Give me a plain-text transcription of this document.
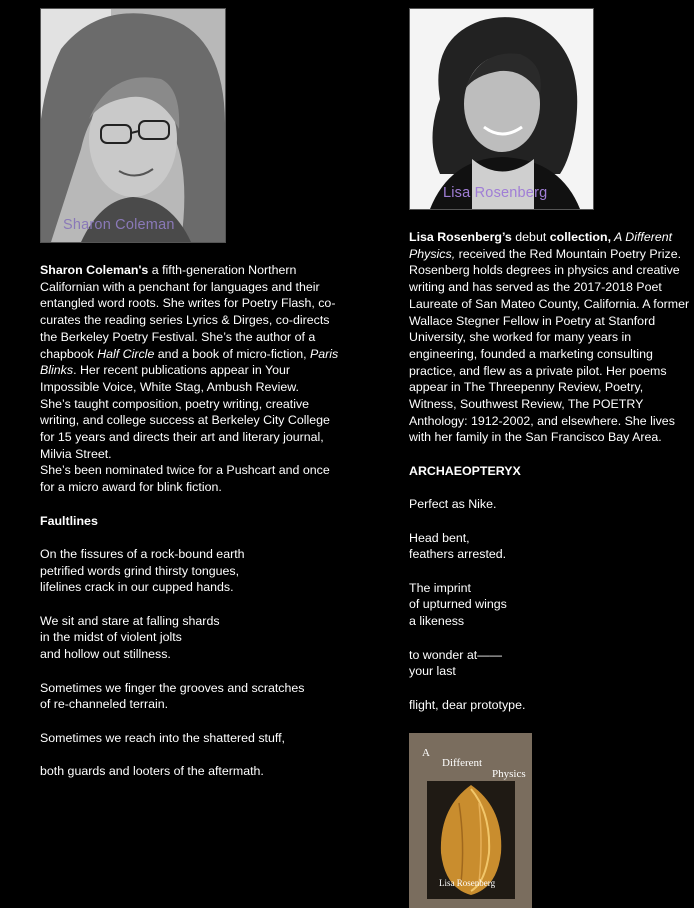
Sharon Coleman

Sharon Coleman's a fifth-generation Northern Californian with a penchant for languages and their entangled word roots. She writes for Poetry Flash, co-curates the reading series Lyrics & Dirges, co-directs the Berkeley Poetry Festival. She’s the author of a chapbook Half Circle and a book of micro-fiction, Paris Blinks. Her recent publications appear in Your Impossible Voice, White Stag, Ambush Review.

She’s taught composition, poetry writing, creative writing, and college success at Berkeley City College for 15 years and directs their art and literary journal, Milvia Street.

She’s been nominated twice for a Pushcart and once for a micro award for blink fiction.

Faultlines

On the fissures of a rock-bound earth
petrified words grind thirsty tongues,
lifelines crack in our cupped hands.

We sit and stare at falling shards
in the midst of violent jolts
and hollow out stillness.

Sometimes we finger the grooves and scratches
of re-channeled terrain.

Sometimes we reach into the shattered stuff,

both guards and looters of the aftermath.

Lisa Rosenberg

Lisa Rosenberg’s debut collection, A Different Physics, received the Red Mountain Poetry Prize. Rosenberg holds degrees in physics and creative writing and has served as the 2017-2018 Poet Laureate of San Mateo County, California. A former Wallace Stegner Fellow in Poetry at Stanford University, she worked for many years in engineering, founded a marketing consulting practice, and flew as a private pilot. Her poems appear in The Threepenny Review, Poetry, Witness, Southwest Review, The POETRY Anthology: 1912-2002, and elsewhere. She lives with her family in the San Francisco Bay Area.

ARCHAEOPTERYX

Perfect as Nike.

Head bent,
feathers arrested.

The imprint
of upturned wings
a likeness

to wonder at——
your last

flight, dear prototype.

A
Different
Physics
Lisa Rosenberg
